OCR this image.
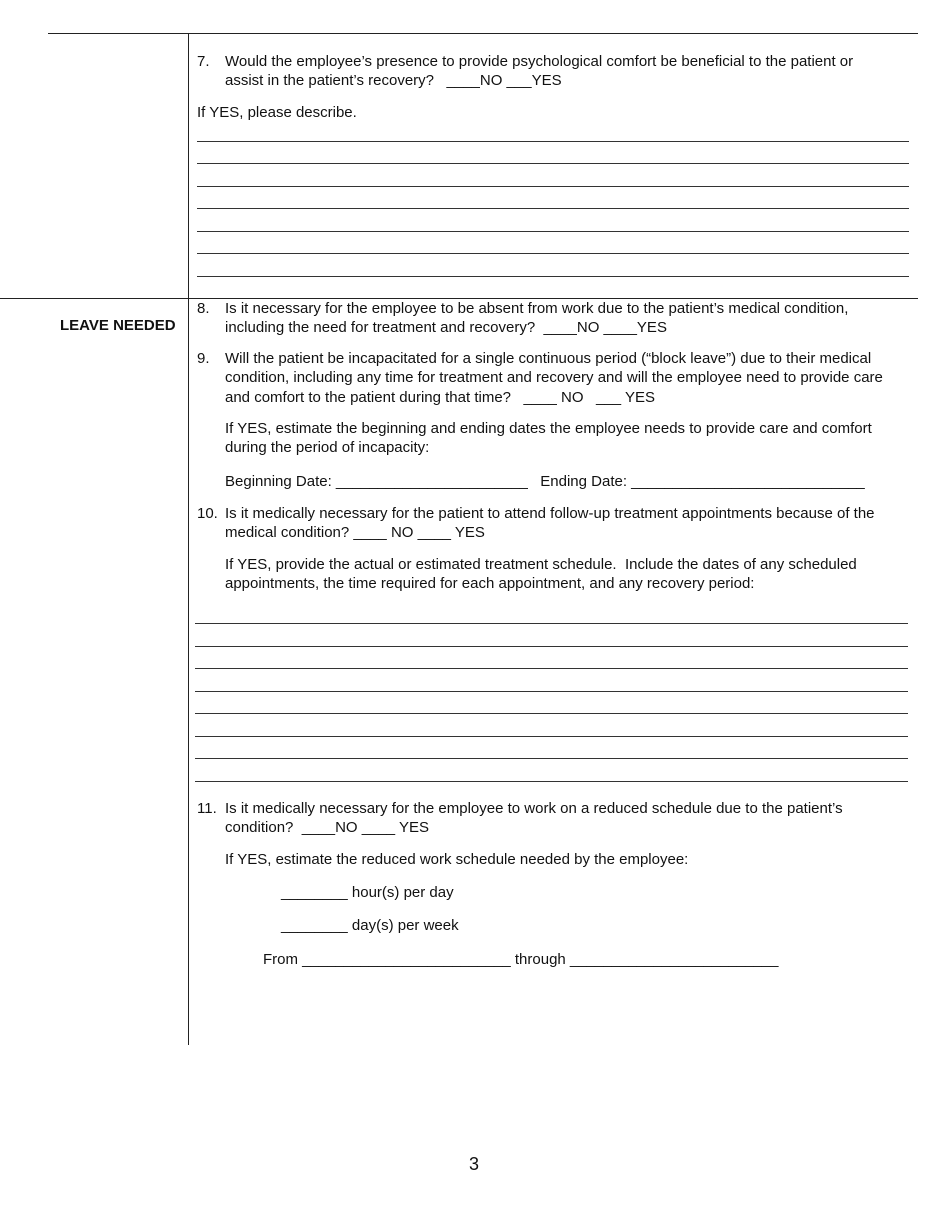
7. Would the employee’s presence to provide psychological comfort be beneficial to the patient or
assist in the patient’s recovery?   ____NO ___YES
If YES, please describe.
LEAVE NEEDED
8. Is it necessary for the employee to be absent from work due to the patient’s medical condition,
including the need for treatment and recovery?  ____NO ____YES
9. Will the patient be incapacitated for a single continuous period (“block leave”) due to their medical
condition, including any time for treatment and recovery and will the employee need to provide care
and comfort to the patient during that time?   ____ NO   ___ YES
If YES, estimate the beginning and ending dates the employee needs to provide care and comfort
during the period of incapacity:
Beginning Date: _______________________   Ending Date: ____________________________
10. Is it medically necessary for the patient to attend follow-up treatment appointments because of the
medical condition? ____ NO ____ YES
If YES, provide the actual or estimated treatment schedule.  Include the dates of any scheduled
appointments, the time required for each appointment, and any recovery period:
11. Is it medically necessary for the employee to work on a reduced schedule due to the patient’s
condition?  ____NO ____ YES
If YES, estimate the reduced work schedule needed by the employee:
________ hour(s) per day
________ day(s) per week
From _________________________ through _________________________
3
